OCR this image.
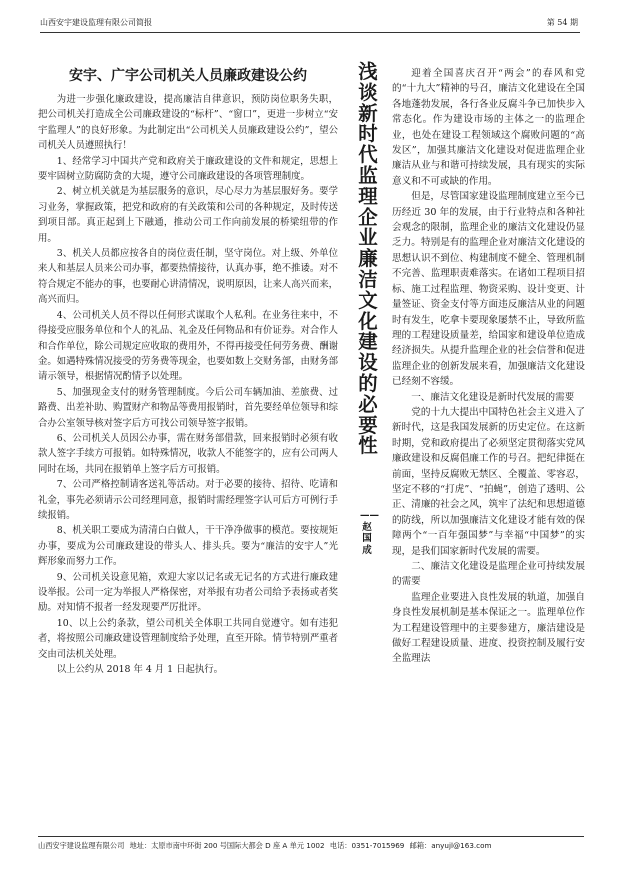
山西安宇建设监理有限公司简报	第 54 期
安宇、广宇公司机关人员廉政建设公约

为进一步强化廉政建设，提高廉洁自律意识，预防岗位职务失职，把公司机关打造成全公司廉政建设的“标杆”、“窗口”，更进一步树立“安宇监理人”的良好形象。为此制定出“公司机关人员廉政建设公约”，望公司机关人员遵照执行！

1、经常学习中国共产党和政府关于廉政建设的文件和规定，思想上要牢固树立防腐防贪的大堤，遵守公司廉政建设的各项管理制度。

2、树立机关就是为基层服务的意识，尽心尽力为基层服好务。要学习业务，掌握政策，把党和政府的有关政策和公司的各种规定，及时传送到项目部。真正起到上下融通，推动公司工作向前发展的桥梁纽带的作用。

3、机关人员都应按各自的岗位责任制，坚守岗位。对上级、外单位来人和基层人员来公司办事，都要热情接待，认真办事，绝不推诿。对不符合规定不能办的事，也要耐心讲清情况，说明原因，让来人高兴而来，高兴而归。

4、公司机关人员不得以任何形式谋取个人私利。在业务往来中，不得接受应服务单位和个人的礼品、礼金及任何物品和有价证券。对合作人和合作单位，除公司规定应收取的费用外，不得再接受任何劳务费、酬谢金。如遇特殊情况接受的劳务费等现金，也要如数上交财务部，由财务部请示领导，根据情况酌情予以处理。

5、加强现金支付的财务管理制度。今后公司车辆加油、差旅费、过路费、出差补助、购置财产和物品等费用报销时，首先要经单位领导和综合办公室领导核对签字后方可找公司领导签字报销。

6、公司机关人员因公办事，需在财务部借款，回来报销时必须有收款人签字手续方可报销。如特殊情况，收款人不能签字的，应有公司两人同时在场，共同在报销单上签字后方可报销。

7、公司严格控制请客送礼等活动。对于必要的接待、招待、吃请和礼金，事先必须请示公司经理同意，报销时需经理签字认可后方可例行手续报销。

8、机关职工要成为清清白白做人，干干净净做事的模范。要按规矩办事，要成为公司廉政建设的带头人、排头兵。要为“廉洁的安宇人”光辉形象而努力工作。

9、公司机关设意见箱，欢迎大家以记名或无记名的方式进行廉政建设举报。公司一定为举报人严格保密，对举报有功者公司给予表扬或者奖励。对知情不报者一经发现要严厉批评。

10、以上公约条款，望公司机关全体职工共同自觉遵守。如有违犯者，将按照公司廉政建设管理制度给予处理，直至开除。情节特别严重者交由司法机关处理。

以上公约从 2018 年 4 月 1 日起执行。

浅谈新时代监理企业廉洁文化建设的必要性
——赵国成

迎着全国喜庆召开“两会”的春风和党的“十九大”精神的号召，廉洁文化建设在全国各地蓬勃发展，各行各业反腐斗争已加快步入常态化。作为建设市场的主体之一的监理企业，也处在建设工程领域这个腐败问题的“高发区”，加强其廉洁文化建设对促进监理企业廉洁从业与和谐可持续发展，具有现实的实际意义和不可或缺的作用。

但是，尽管国家建设监理制度建立至今已历经近 30 年的发展，由于行业特点和各种社会观念的限制，监理企业的廉洁文化建设仍显乏力。特别是有的监理企业对廉洁文化建设的思想认识不到位、构建制度不健全、管理机制不完善、监理职责难落实。在诸如工程项目招标、施工过程监理、物资采购、设计变更、计量签证、资金支付等方面违反廉洁从业的问题时有发生，吃拿卡要现象屡禁不止，导致所监理的工程建设质量差，给国家和建设单位造成经济损失。从提升监理企业的社会信誉和促进监理企业的创新发展来看，加强廉洁文化建设已经刻不容缓。

一、廉洁文化建设是新时代发展的需要

党的十九大提出中国特色社会主义进入了新时代，这是我国发展新的历史定位。在这新时期，党和政府提出了必须坚定贯彻落实党风廉政建设和反腐倡廉工作的号召。把纪律挺在前面，坚持反腐败无禁区、全覆盖、零容忍，坚定不移的“打虎”、“拍蝇”，创造了透明、公正、清廉的社会之风，筑牢了法纪和思想道德的防线，所以加强廉洁文化建设才能有效的保障两个“一百年强国梦”与幸福“中国梦”的实现，是我们国家新时代发展的需要。

二、廉洁文化建设是监理企业可持续发展的需要

监理企业要进入良性发展的轨道，加强自身良性发展机制是基本保证之一。监理单位作为工程建设管理中的主要参建方，廉洁建设是做好工程建设质量、进度、投资控制及履行安全监理法

山西安宇建设监理有限公司 地址：太原市南中环街 200 号国际大都会 D 座 A 单元 1002 电话：0351-7015969 邮箱：anyujl@163.com
